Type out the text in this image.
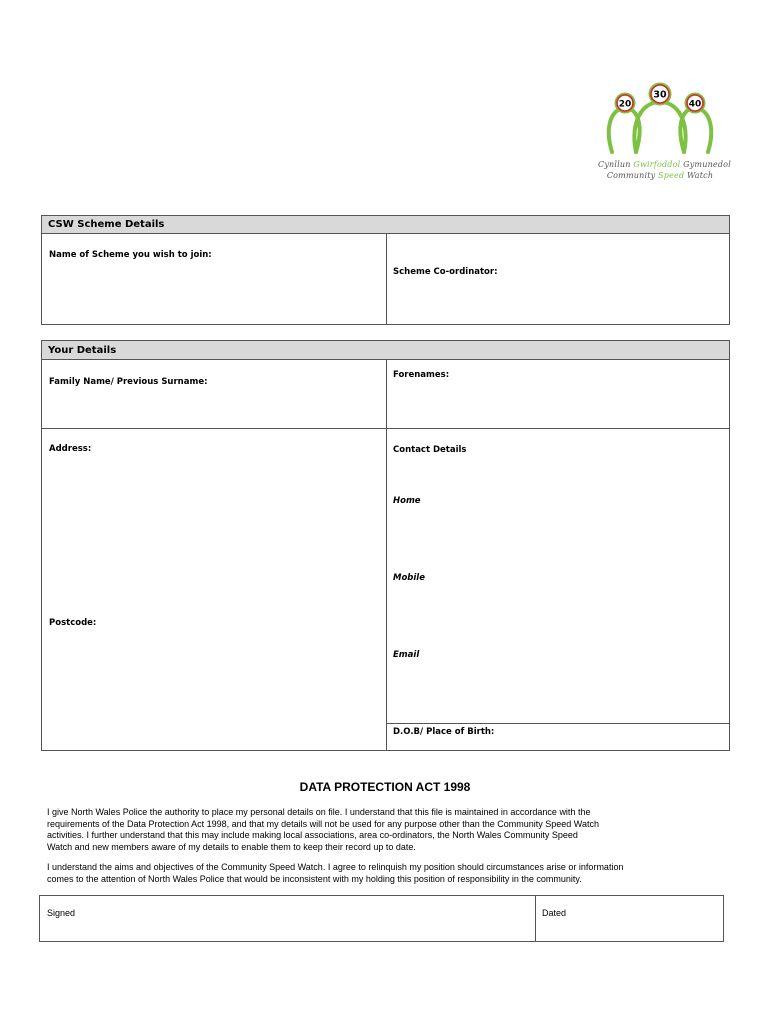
20
30
40
Cynllun Gwirfoddol Gymunedol
Community Speed Watch
CSW Scheme Details
Name of Scheme you wish to join:
Scheme Co-ordinator:
Your Details
Family Name/ Previous Surname:
Forenames:
Address:
Postcode:
Contact Details
Home
Mobile
Email
D.O.B/ Place of Birth:
DATA PROTECTION ACT 1998
I give North Wales Police the authority to place my personal details on file. I understand that this file is maintained in accordance with the
requirements of the Data Protection Act 1998, and that my details will not be used for any purpose other than the Community Speed Watch
activities. I further understand that this may include making local associations, area co-ordinators, the North Wales Community Speed
Watch and new members aware of my details to enable them to keep their record up to date.
I understand the aims and objectives of the Community Speed Watch. I agree to relinquish my position should circumstances arise or information
comes to the attention of North Wales Police that would be inconsistent with my holding this position of responsibility in the community.
Signed	Dated
